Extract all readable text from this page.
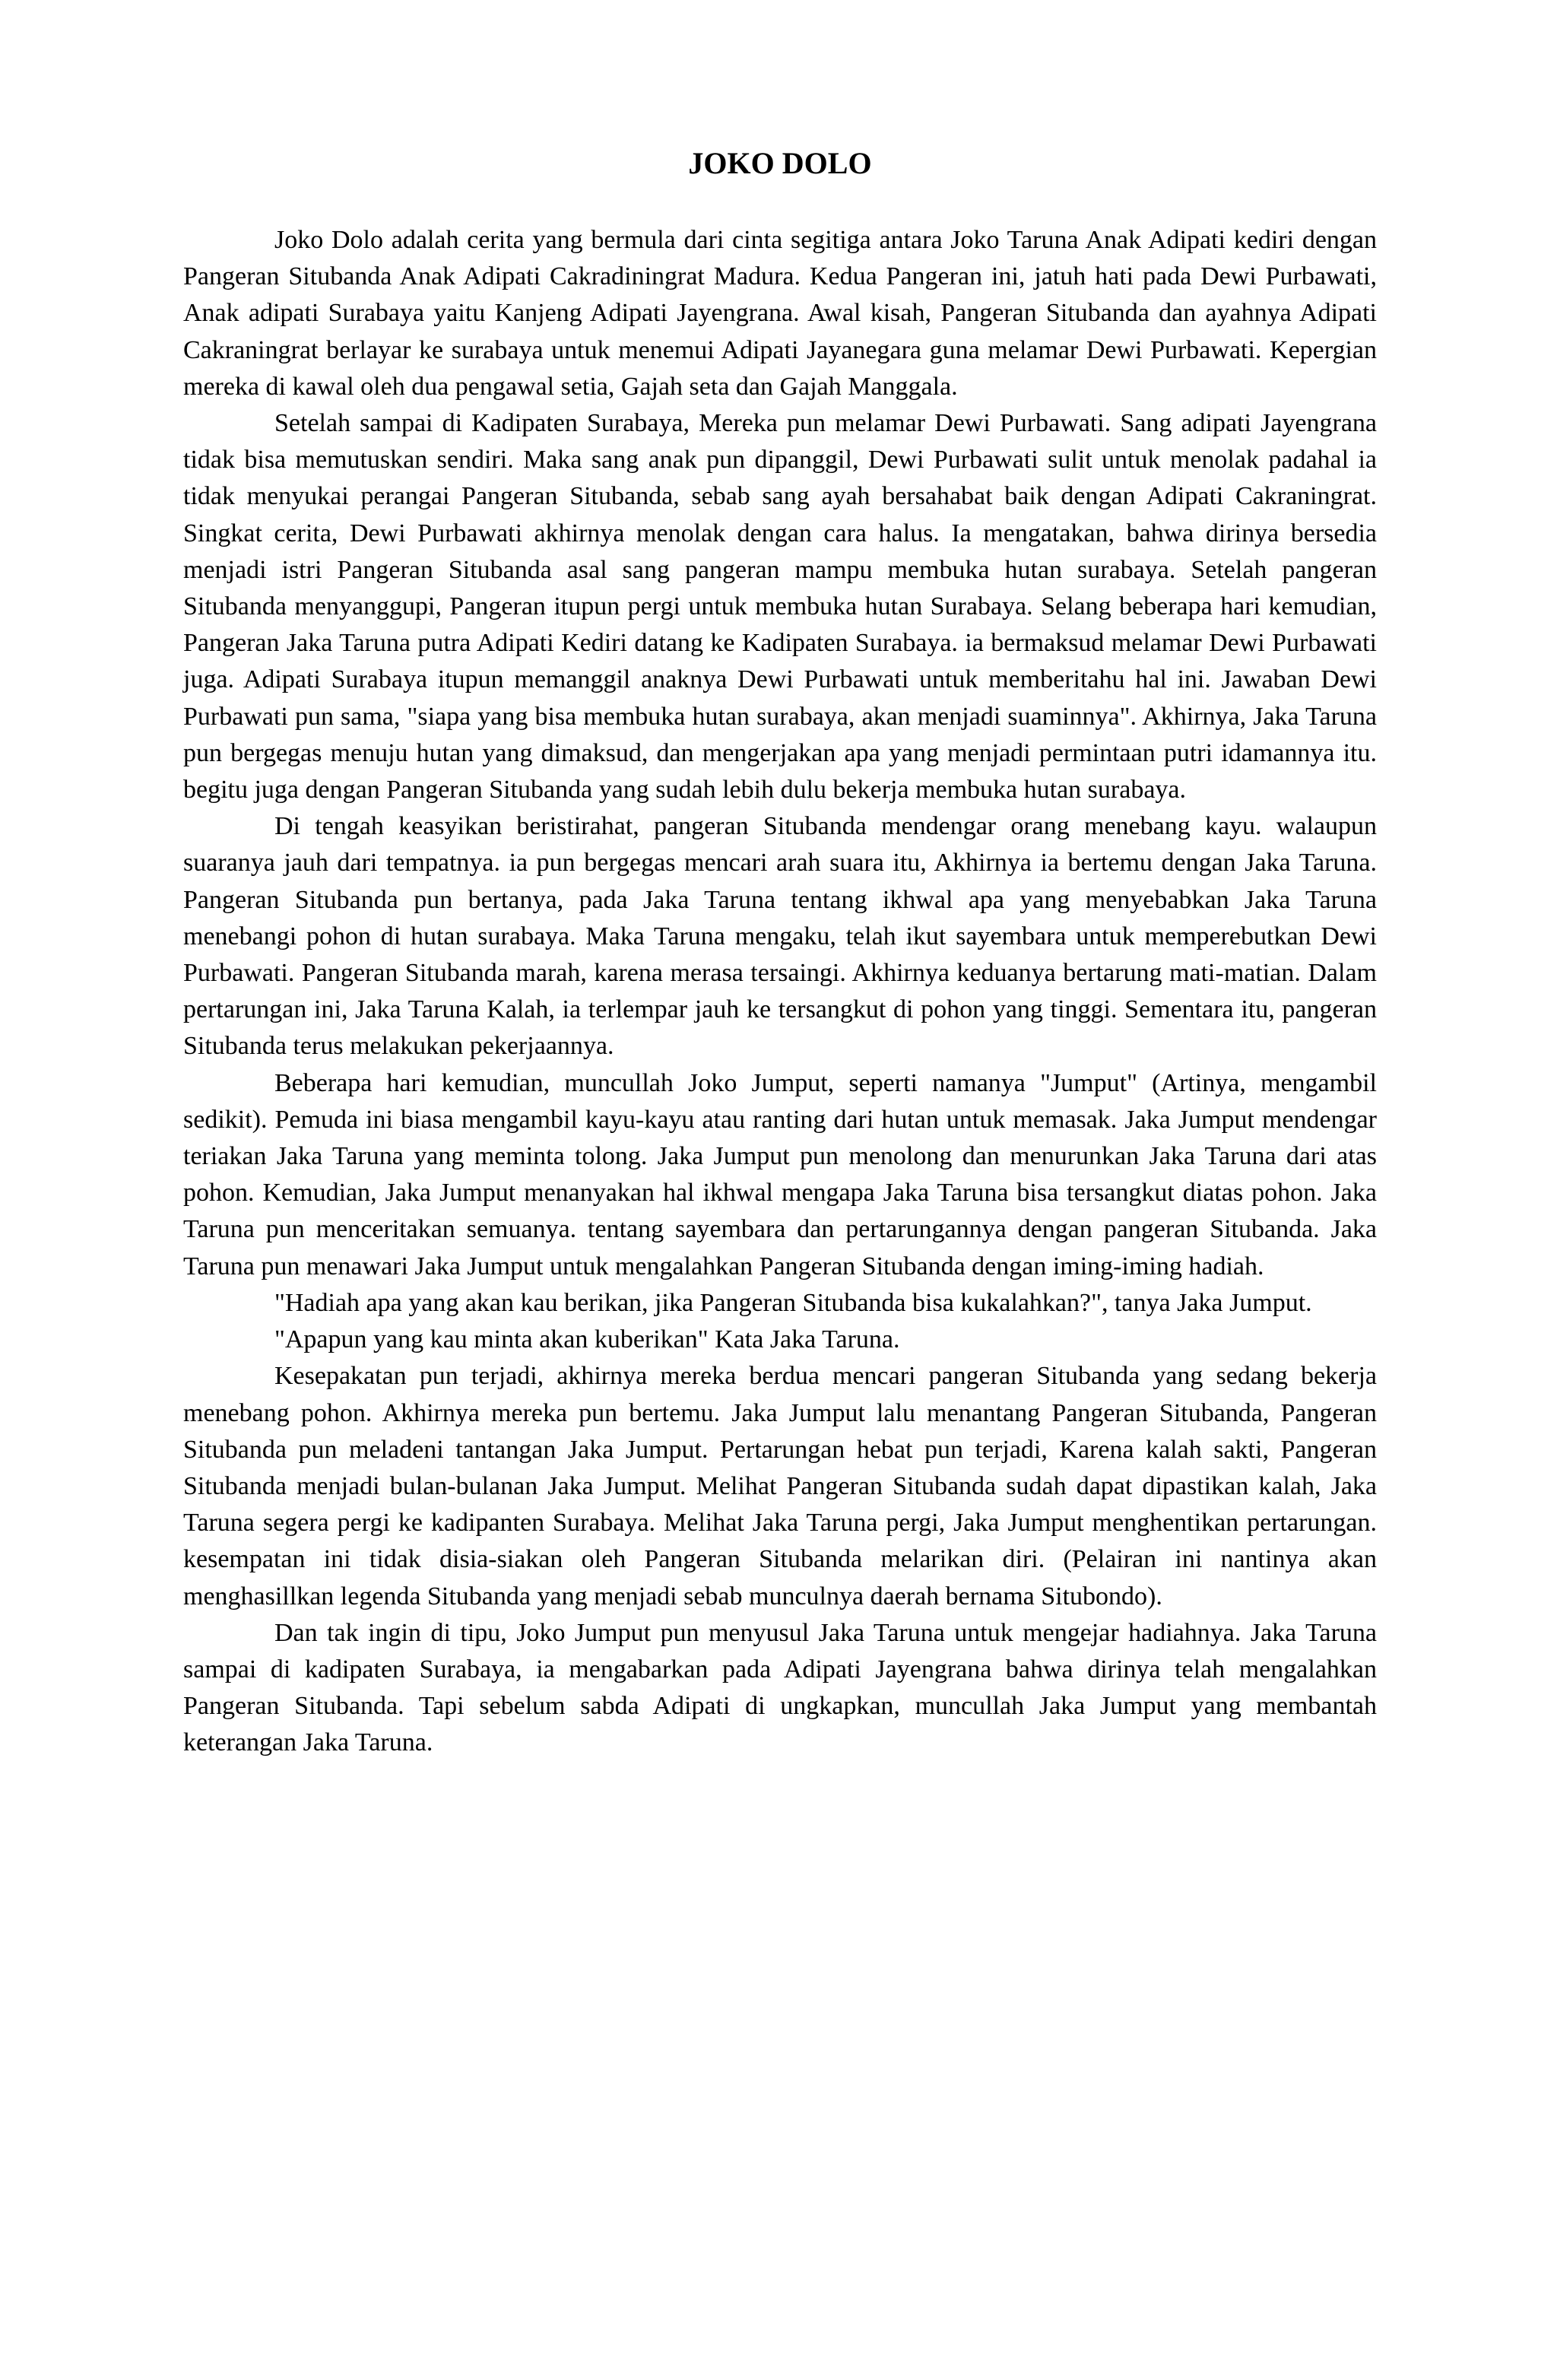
JOKO DOLO

Joko Dolo adalah cerita yang bermula dari cinta segitiga antara Joko Taruna Anak Adipati kediri dengan Pangeran Situbanda Anak Adipati Cakradiningrat Madura. Kedua Pangeran ini, jatuh hati pada Dewi Purbawati, Anak adipati Surabaya yaitu Kanjeng Adipati Jayengrana. Awal kisah, Pangeran Situbanda dan ayahnya Adipati Cakraningrat berlayar ke surabaya untuk menemui Adipati Jayanegara guna melamar Dewi Purbawati. Kepergian mereka di kawal oleh dua pengawal setia, Gajah seta dan Gajah Manggala.

Setelah sampai di Kadipaten Surabaya, Mereka pun melamar Dewi Purbawati. Sang adipati Jayengrana tidak bisa memutuskan sendiri. Maka sang anak pun dipanggil, Dewi Purbawati sulit untuk menolak padahal ia tidak menyukai perangai Pangeran Situbanda, sebab sang ayah bersahabat baik dengan Adipati Cakraningrat. Singkat cerita, Dewi Purbawati akhirnya menolak dengan cara halus. Ia mengatakan, bahwa dirinya bersedia menjadi istri Pangeran Situbanda asal sang pangeran mampu membuka hutan surabaya. Setelah pangeran Situbanda menyanggupi, Pangeran itupun pergi untuk membuka hutan Surabaya. Selang beberapa hari kemudian, Pangeran Jaka Taruna putra Adipati Kediri datang ke Kadipaten Surabaya. ia bermaksud melamar Dewi Purbawati juga. Adipati Surabaya itupun memanggil anaknya Dewi Purbawati untuk memberitahu hal ini. Jawaban Dewi Purbawati pun sama, "siapa yang bisa membuka hutan surabaya, akan menjadi suaminnya". Akhirnya, Jaka Taruna pun bergegas menuju hutan yang dimaksud, dan mengerjakan apa yang menjadi permintaan putri idamannya itu. begitu juga dengan Pangeran Situbanda yang sudah lebih dulu bekerja membuka hutan surabaya.

Di tengah keasyikan beristirahat, pangeran Situbanda mendengar orang menebang kayu. walaupun suaranya jauh dari tempatnya. ia pun bergegas mencari arah suara itu, Akhirnya ia bertemu dengan Jaka Taruna. Pangeran Situbanda pun bertanya, pada Jaka Taruna tentang ikhwal apa yang menyebabkan Jaka Taruna menebangi pohon di hutan surabaya. Maka Taruna mengaku, telah ikut sayembara untuk memperebutkan Dewi Purbawati. Pangeran Situbanda marah, karena merasa tersaingi. Akhirnya keduanya bertarung mati-matian. Dalam pertarungan ini, Jaka Taruna Kalah, ia terlempar jauh ke tersangkut di pohon yang tinggi. Sementara itu, pangeran Situbanda terus melakukan pekerjaannya.

Beberapa hari kemudian, muncullah Joko Jumput, seperti namanya "Jumput" (Artinya, mengambil sedikit). Pemuda ini biasa mengambil kayu-kayu atau ranting dari hutan untuk memasak. Jaka Jumput mendengar teriakan Jaka Taruna yang meminta tolong. Jaka Jumput pun menolong dan menurunkan Jaka Taruna dari atas pohon. Kemudian, Jaka Jumput menanyakan hal ikhwal mengapa Jaka Taruna bisa tersangkut diatas pohon. Jaka Taruna pun menceritakan semuanya. tentang sayembara dan pertarungannya dengan pangeran Situbanda. Jaka Taruna pun menawari Jaka Jumput untuk mengalahkan Pangeran Situbanda dengan iming-iming hadiah.

"Hadiah apa yang akan kau berikan, jika Pangeran Situbanda bisa kukalahkan?", tanya Jaka Jumput.

"Apapun yang kau minta akan kuberikan" Kata Jaka Taruna.

Kesepakatan pun terjadi, akhirnya mereka berdua mencari pangeran Situbanda yang sedang bekerja menebang pohon. Akhirnya mereka pun bertemu. Jaka Jumput lalu menantang Pangeran Situbanda, Pangeran Situbanda pun meladeni tantangan Jaka Jumput. Pertarungan hebat pun terjadi, Karena kalah sakti, Pangeran Situbanda menjadi bulan-bulanan Jaka Jumput. Melihat Pangeran Situbanda sudah dapat dipastikan kalah, Jaka Taruna segera pergi ke kadipanten Surabaya. Melihat Jaka Taruna pergi, Jaka Jumput menghentikan pertarungan. kesempatan ini tidak disia-siakan oleh Pangeran Situbanda melarikan diri. (Pelairan ini nantinya akan menghasillkan legenda Situbanda yang menjadi sebab munculnya daerah bernama Situbondo).

Dan tak ingin di tipu, Joko Jumput pun menyusul Jaka Taruna untuk mengejar hadiahnya. Jaka Taruna sampai di kadipaten Surabaya, ia mengabarkan pada Adipati Jayengrana bahwa dirinya telah mengalahkan Pangeran Situbanda. Tapi sebelum sabda Adipati di ungkapkan, muncullah Jaka Jumput yang membantah keterangan Jaka Taruna.
